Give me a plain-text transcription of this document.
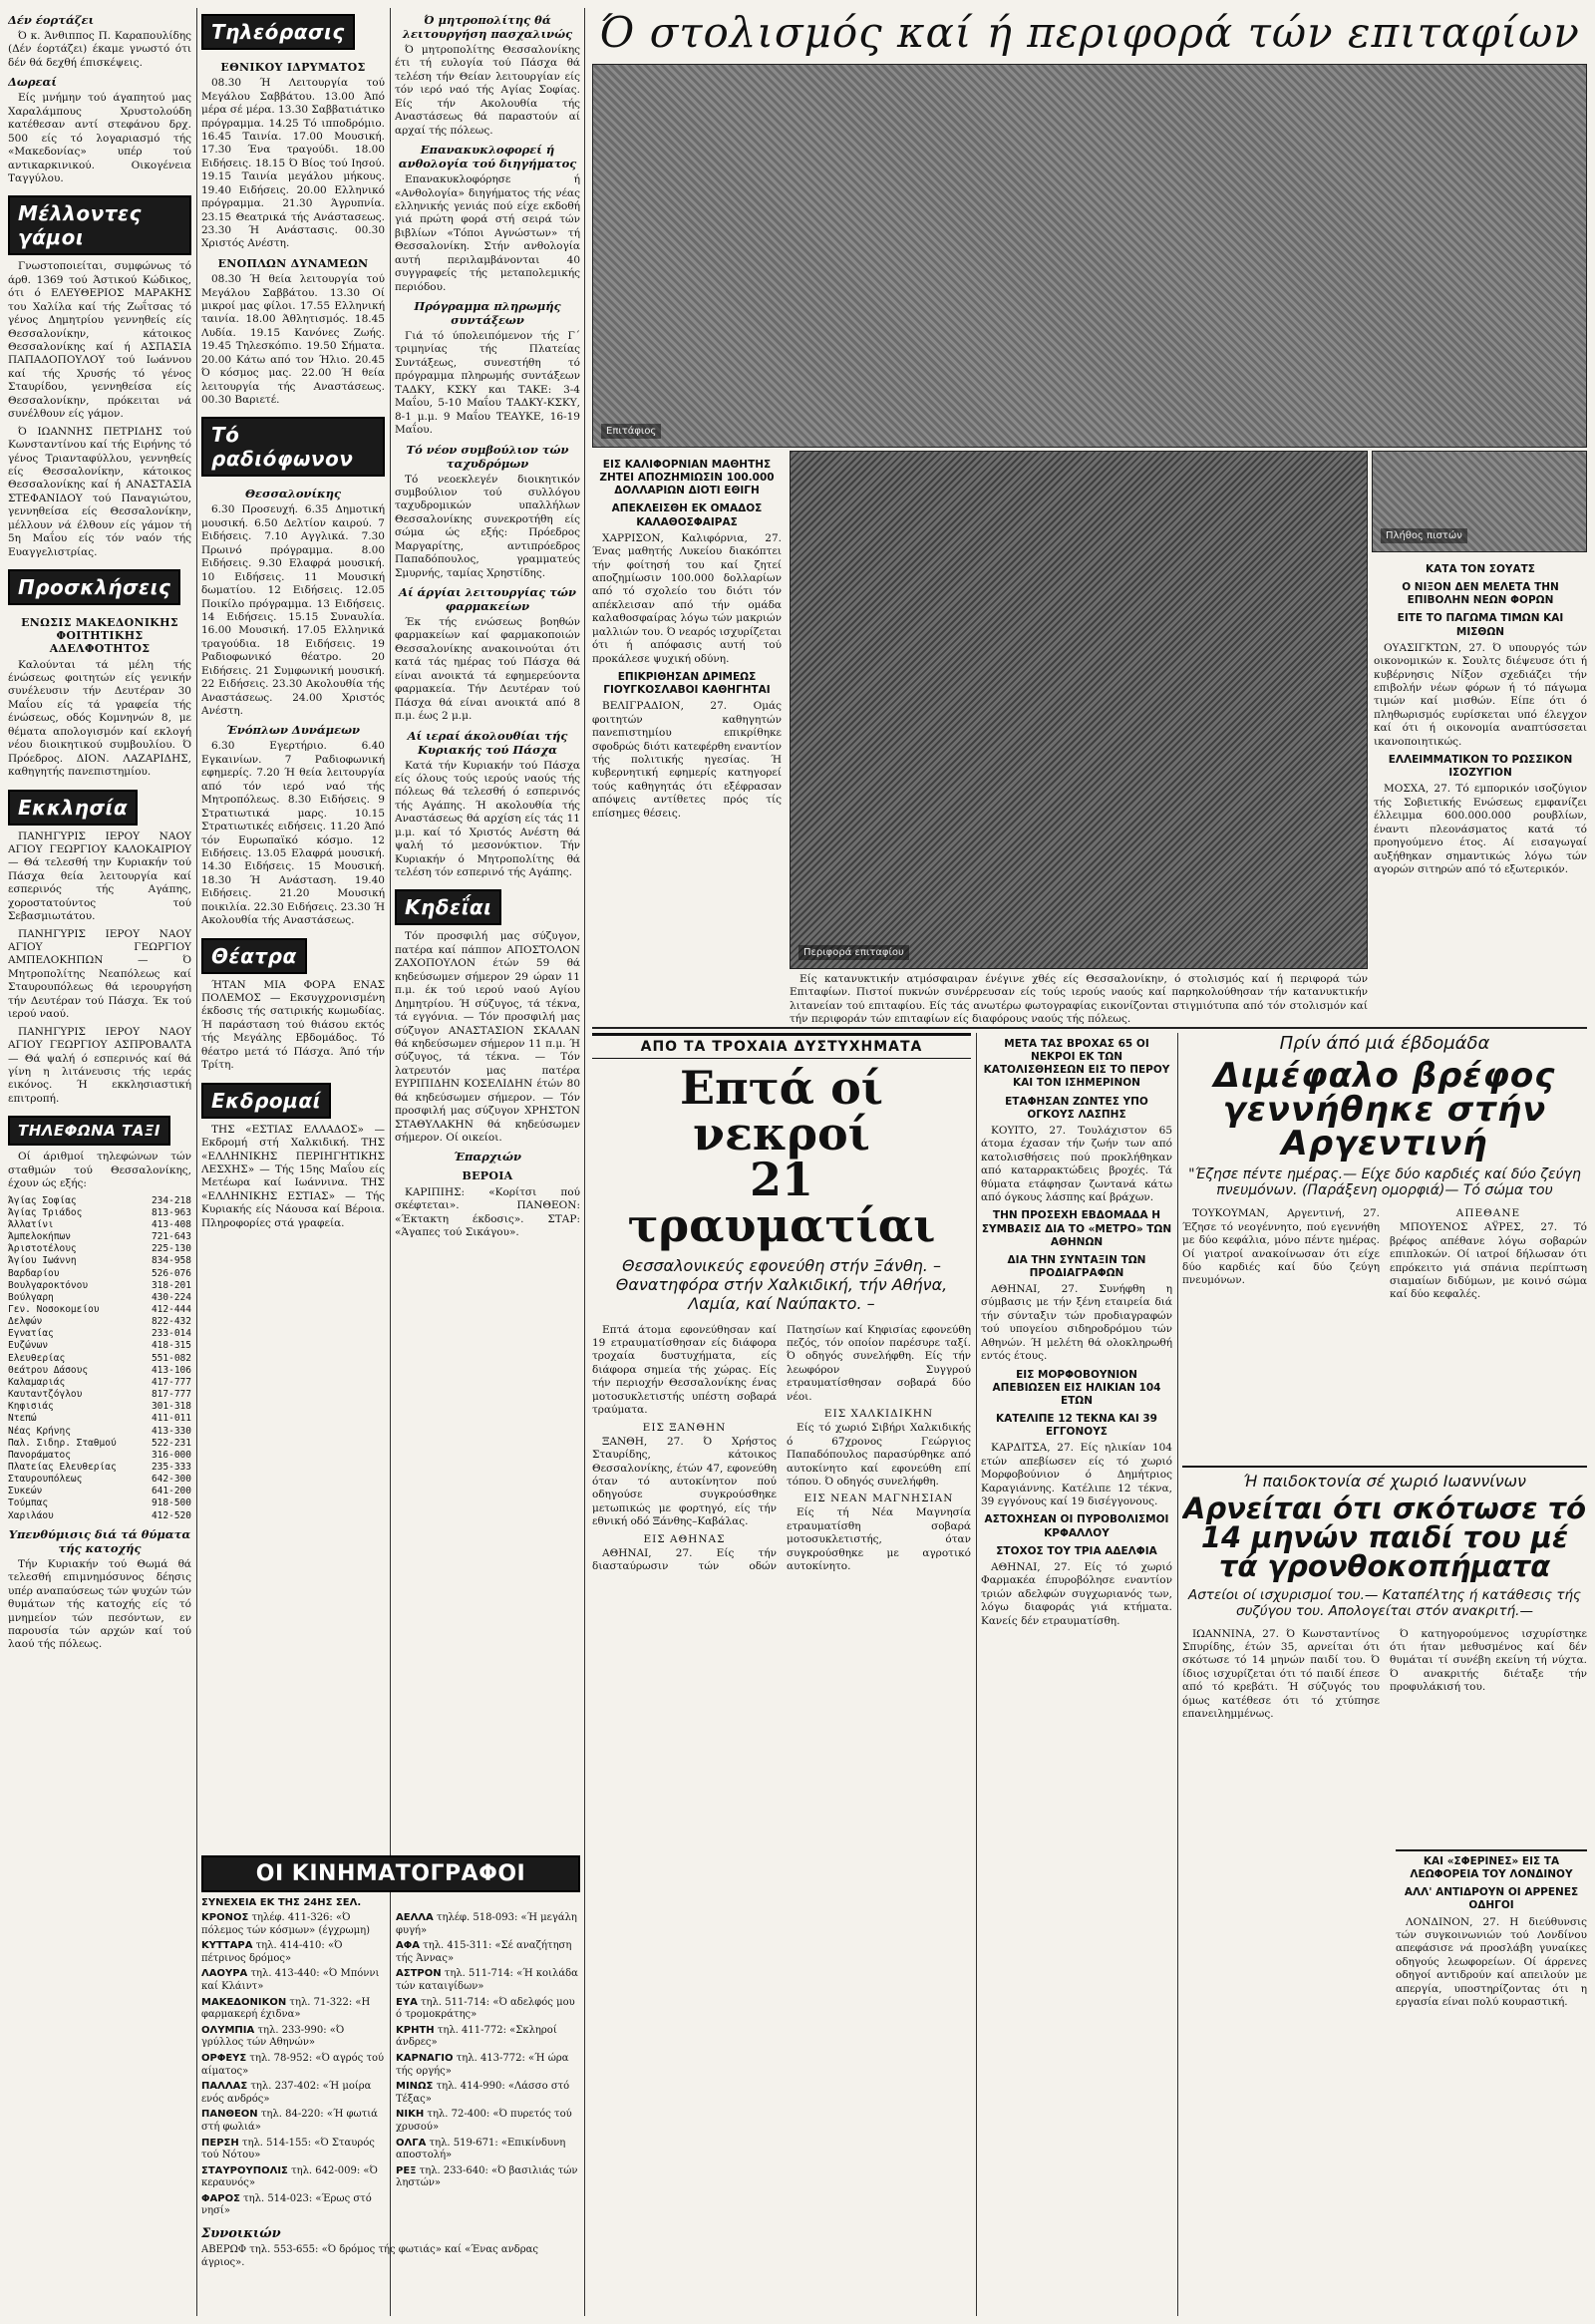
Δέν έορτάζει

Ό κ. Άνθιππος Π. Καραπουλίδης (Δέν έορτάζει) έκαμε γνωστό ότι δέν θά δεχθή έπισκέψεις.

Δωρεαί

Είς μνήμην τού άγαπητού μας Χαραλάμπους Χρυστολούδη κατέθεσαν αντί στεφάνου δρχ. 500 είς τό λογαριασμό τής «Μακεδονίας» υπέρ τού αντικαρκινικού. Οικογένεια Ταγγύλου.

Μέλλοντες γάμοι

Γνωστοποιείται, συμφώνως τό άρθ. 1369 τού Άστικού Κώδικος, ότι ό ΕΛΕΥΘΕΡΙΟΣ ΜΑΡΑΚΗΣ του Χαλίλα καί τής Ζωΐτσας τό γένος Δημητρίου γεννηθείς είς Θεσσαλονίκην, κάτοικος Θεσσαλονίκης καί ή ΑΣΠΑΣΙΑ ΠΑΠΑΔΟΠΟΥΛΟΥ τού Ιωάννου καί τής Χρυσής τό γένος Σταυρίδου, γεννηθείσα είς Θεσσαλονίκην, πρόκειται νά συνέλθουν είς γάμον.

Ό ΙΩΑΝΝΗΣ ΠΕΤΡΙΔΗΣ τού Κωνσταντίνου καί τής Ειρήνης τό γένος Τριανταφύλλου, γεννηθείς είς Θεσσαλονίκην, κάτοικος Θεσσαλονίκης καί ή ΑΝΑΣΤΑΣΙΑ ΣΤΕΦΑΝΙΔΟΥ τού Παναγιώτου, γεννηθείσα είς Θεσσαλονίκην, μέλλουν νά έλθουν είς γάμον τή 5η Μαΐου είς τόν ναόν τής Ευαγγελιστρίας.

Προσκλήσεις
ΕΝΩΣΙΣ ΜΑΚΕΔΟΝΙΚΗΣ ΦΟΙΤΗΤΙΚΗΣ ΑΔΕΛΦΟΤΗΤΟΣ

Καλούνται τά μέλη τής ένώσεως φοιτητών είς γενικήν συνέλευσιν τήν Δευτέραν 30 Μαΐου είς τά γραφεία τής ένώσεως, οδός Κομνηνών 8, με θέματα απολογισμόν καί εκλογή νέου διοικητικού συμβουλίου. Ό Πρόεδρος. ΔΙΟΝ. ΛΑΖΑΡΙΔΗΣ, καθηγητής πανεπιστημίου.

Εκκλησία

ΠΑΝΗΓΥΡΙΣ ΙΕΡΟΥ ΝΑΟΥ ΑΓΙΟΥ ΓΕΩΡΓΙΟΥ ΚΑΛΟΚΑΙΡΙΟΥ — Θά τελεσθή την Κυριακήν τού Πάσχα θεία λειτουργία καί εσπερινός τής Αγάπης, χοροστατούντος τού Σεβασμιωτάτου.

ΠΑΝΗΓΥΡΙΣ ΙΕΡΟΥ ΝΑΟΥ ΑΓΙΟΥ ΓΕΩΡΓΙΟΥ ΑΜΠΕΛΟΚΗΠΩΝ — Ό Μητροπολίτης Νεαπόλεως καί Σταυρουπόλεως θά ιερουργήση τήν Δευτέραν τού Πάσχα. Έκ τού ιερού ναού.

ΠΑΝΗΓΥΡΙΣ ΙΕΡΟΥ ΝΑΟΥ ΑΓΙΟΥ ΓΕΩΡΓΙΟΥ ΑΣΠΡΟΒΑΛΤΑ — Θά ψαλή ό εσπερινός καί θά γίνη η λιτάνευσις τής ιεράς εικόνος. Ή εκκλησιαστική επιτροπή.

ΤΗΛΕΦΩΝΑ ΤΑΞΙ

Οί άριθμοί τηλεφώνων τών σταθμών τού Θεσσαλονίκης, έχουν ώς εξής:

Άγίας Σοφίας	234-218
Άγίας Τριάδος	813-963
Άλλατίνι	413-408
Άμπελοκήπων	721-643
Άριστοτέλους	225-130
Άγίου Ιωάννη	834-958
Βαρδαρίου	526-076
Βουλγαροκτόνου	318-201
Βούλγαρη	430-224
Γεν. Νοσοκομείου	412-444
Δελφών	822-432
Εγνατίας	233-014
Ευζώνων	418-315
Ελευθερίας	551-082
Θεάτρου Δάσους	413-106
Καλαμαριάς	417-777
Καυταντζόγλου	817-777
Κηφισιάς	301-318
Ντεπώ	411-011
Νέας Κρήνης	413-330
Παλ. Σιδηρ. Σταθμού	522-231
Πανοράματος	316-000
Πλατείας Ελευθερίας	235-333
Σταυρουπόλεως	642-300
Συκεών	641-200
Τούμπας	918-500
Χαριλάου	412-520
Υπενθύμισις διά τά θύματα τής κατοχής

Τήν Κυριακήν τού Θωμά θά τελεσθή επιμνημόσυνος δέησις υπέρ αναπαύσεως τών ψυχών τών θυμάτων τής κατοχής είς τό μνημείον τών πεσόντων, εν παρουσία τών αρχών καί τού λαού τής πόλεως.

Τηλεόρασις
ΕΘΝΙΚΟΥ ΙΔΡΥΜΑΤΟΣ

08.30 Ή Λειτουργία τού Μεγάλου Σαββάτου. 13.00 Άπό μέρα σέ μέρα. 13.30 Σαββατιάτικο πρόγραμμα. 14.25 Τό ιπποδρόμιο. 16.45 Ταινία. 17.00 Μουσική. 17.30 Ένα τραγούδι. 18.00 Ειδήσεις. 18.15 Ό Βίος τού Ιησού. 19.15 Ταινία μεγάλου μήκους. 19.40 Ειδήσεις. 20.00 Ελληνικό πρόγραμμα. 21.30 Άγρυπνία. 23.15 Θεατρικά τής Ανάστασεως. 23.30 Ή Ανάστασις. 00.30 Χριστός Ανέστη.

ΕΝΟΠΛΩΝ ΔΥΝΑΜΕΩΝ

08.30 Ή θεία λειτουργία τού Μεγάλου Σαββάτου. 13.30 Οί μικροί μας φίλοι. 17.55 Ελληνική ταινία. 18.00 Άθλητισμός. 18.45 Λυδία. 19.15 Κανόνες Ζωής. 19.45 Τηλεσκόπιο. 19.50 Σήματα. 20.00 Κάτω από τον Ήλιο. 20.45 Ό κόσμος μας. 22.00 Ή θεία λειτουργία τής Αναστάσεως. 00.30 Βαριετέ.

Τό ραδιόφωνον
Θεσσαλονίκης

6.30 Προσευχή. 6.35 Δημοτική μουσική. 6.50 Δελτίον καιρού. 7 Ειδήσεις. 7.10 Αγγλικά. 7.30 Πρωινό πρόγραμμα. 8.00 Ειδήσεις. 9.30 Ελαφρά μουσική. 10 Ειδήσεις. 11 Μουσική δωματίου. 12 Ειδήσεις. 12.05 Ποικίλο πρόγραμμα. 13 Ειδήσεις. 14 Ειδήσεις. 15.15 Συναυλία. 16.00 Μουσική. 17.05 Ελληνικά τραγούδια. 18 Ειδήσεις. 19 Ραδιοφωνικό θέατρο. 20 Ειδήσεις. 21 Συμφωνική μουσική. 22 Ειδήσεις. 23.30 Ακολουθία τής Αναστάσεως. 24.00 Χριστός Ανέστη.

Ένόπλων Δυνάμεων

6.30 Εγερτήριο. 6.40 Εγκαινίων. 7 Ραδιοφωνική εφημερίς. 7.20 Ή θεία λειτουργία από τόν ιερό ναό τής Μητροπόλεως. 8.30 Ειδήσεις. 9 Στρατιωτικά μαρς. 10.15 Στρατιωτικές ειδήσεις. 11.20 Άπό τόν Ευρωπαϊκό κόσμο. 12 Ειδήσεις. 13.05 Ελαφρά μουσική. 14.30 Ειδήσεις. 15 Μουσική. 18.30 Ή Ανάσταση. 19.40 Ειδήσεις. 21.20 Μουσική ποικιλία. 22.30 Ειδήσεις. 23.30 Ή Ακολουθία τής Αναστάσεως.

Θέατρα

ΉΤΑΝ ΜΙΑ ΦΟΡΑ ΕΝΑΣ ΠΟΛΕΜΟΣ — Εκσυγχρονισμένη έκδοσις τής σατιρικής κωμωδίας. Ή παράσταση τού θιάσου εκτός τής Μεγάλης Εβδομάδος. Τό θέατρο μετά τό Πάσχα. Άπό τήν Τρίτη.

Εκδρομαί

ΤΗΣ «ΕΣΤΙΑΣ ΕΛΛΑΔΟΣ» — Εκδρομή στή Χαλκιδική. ΤΗΣ «ΕΛΛΗΝΙΚΗΣ ΠΕΡΙΗΓΗΤΙΚΗΣ ΛΕΣΧΗΣ» — Τής 15ης Μαΐου είς Μετέωρα καί Ιωάννινα. ΤΗΣ «ΕΛΛΗΝΙΚΗΣ ΕΣΤΙΑΣ» — Τής Κυριακής είς Νάουσα καί Βέροια. Πληροφορίες στά γραφεία.

ΟΙ ΚΙΝΗΜΑΤΟΓΡΑΦΟΙ
ΣΥΝΕΧΕΙΑ ΕΚ ΤΗΣ 24ΗΣ ΣΕΛ.

ΚΡΟΝΟΣ τηλέφ. 411-326: «Ό πόλεμος τών κόσμων» (έγχρωμη)

ΚΥΤΤΑΡΑ τηλ. 414-410: «Ό πέτρινος δρόμος»

ΛΑΟΥΡΑ τηλ. 413-440: «Ό Μπόννι καί Κλάιντ»

ΜΑΚΕΔΟΝΙΚΟΝ τηλ. 71-322: «Η φαρμακερή έχιδνα»

ΟΛΥΜΠΙΑ τηλ. 233-990: «Ό γρύλλος τών Αθηνών»

ΟΡΦΕΥΣ τηλ. 78-952: «Ό αγρός τού αίματος»

ΠΑΛΛΑΣ τηλ. 237-402: «Ή μοίρα ενός ανδρός»

ΠΑΝΘΕΟΝ τηλ. 84-220: «Ή φωτιά στή φωλιά»

ΠΕΡΣΗ τηλ. 514-155: «Ό Σταυρός τού Νότου»

ΣΤΑΥΡΟΥΠΟΛΙΣ τηλ. 642-009: «Ό κεραυνός»

ΦΑΡΟΣ τηλ. 514-023: «Έρως στό νησί»

ΑΕΛΛΑ τηλέφ. 518-093: «Ή μεγάλη φυγή»

ΑΦΑ τηλ. 415-311: «Σέ αναζήτηση τής Άννας»

ΑΣΤΡΟΝ τηλ. 511-714: «Ή κοιλάδα τών καταιγίδων»

ΕΥΑ τηλ. 511-714: «Ό αδελφός μου ό τρομοκράτης»

ΚΡΗΤΗ τηλ. 411-772: «Σκληροί άνδρες»

ΚΑΡΝΑΓΙΟ τηλ. 413-772: «Ή ώρα τής οργής»

ΜΙΝΩΣ τηλ. 414-990: «Λάσσο στό Τέξας»

ΝΙΚΗ τηλ. 72-400: «Ό πυρετός τού χρυσού»

ΟΛΓΑ τηλ. 519-671: «Επικίνδυνη αποστολή»

ΡΕΞ τηλ. 233-640: «Ό βασιλιάς τών ληστών»

Συνοικιών

ΑΒΕΡΩΦ τηλ. 553-655: «Ό δρόμος τής φωτιάς» καί «Ένας ανδρας άγριος».

Ό μητροπολίτης θά λειτουργήση πασχαλινώς

Ό μητροπολίτης Θεσσαλονίκης έτι τή ευλογία τού Πάσχα θά τελέση τήν Θείαν λειτουργίαν είς τόν ιερό ναό τής Αγίας Σοφίας. Είς τήν Ακολουθία τής Αναστάσεως θά παραστούν αί αρχαί τής πόλεως.

Επανακυκλοφορεί ή ανθολογία τού διηγήματος

Επανακυκλοφόρησε ή «Ανθολογία» διηγήματος τής νέας ελληνικής γενιάς πού είχε εκδοθή γιά πρώτη φορά στή σειρά τών βιβλίων «Τόποι Αγνώστων» τή Θεσσαλονίκη. Στήν ανθολογία αυτή περιλαμβάνονται 40 συγγραφείς τής μεταπολεμικής περιόδου.

Πρόγραμμα πληρωμής συντάξεων

Γιά τό ύπολειπόμενον τής Γ΄ τριμηνίας τής Πλατείας Συντάξεως, συνεστήθη τό πρόγραμμα πληρωμής συντάξεων ΤΑΔΚΥ, ΚΣΚΥ και ΤΑΚΕ: 3-4 Μαΐου, 5-10 Μαΐου ΤΑΔΚΥ-ΚΣΚΥ, 8-1 μ.μ. 9 Μαΐου ΤΕΑΥΚΕ, 16-19 Μαΐου.

Τό νέον συμβούλιον τών ταχυδρόμων

Τό νεοεκλεγέν διοικητικόν συμβούλιον τού συλλόγου ταχυδρομικών υπαλλήλων Θεσσαλονίκης συνεκροτήθη είς σώμα ώς εξής: Πρόεδρος Μαργαρίτης, αντιπρόεδρος Παπαδόπουλος, γραμματεύς Σμυρνής, ταμίας Χρηστίδης.

Αί άργίαι λειτουργίας τών φαρμακείων

Έκ τής ενώσεως βοηθών φαρμακείων καί φαρμακοποιών Θεσσαλονίκης ανακοινούται ότι κατά τάς ημέρας τού Πάσχα θά είναι ανοικτά τά εφημερεύοντα φαρμακεία. Τήν Δευτέραν τού Πάσχα θά είναι ανοικτά από 8 π.μ. έως 2 μ.μ.

Αί ιεραί άκολουθίαι τής Κυριακής τού Πάσχα

Κατά τήν Κυριακήν τού Πάσχα είς όλους τούς ιερούς ναούς τής πόλεως θά τελεσθή ό εσπερινός τής Αγάπης. Ή ακολουθία τής Αναστάσεως θά αρχίση είς τάς 11 μ.μ. καί τό Χριστός Ανέστη θά ψαλή τό μεσονύκτιον. Τήν Κυριακήν ό Μητροπολίτης θά τελέση τόν εσπερινό τής Αγάπης.

Κηδεΐαι

Τόν προσφιλή μας σύζυγον, πατέρα καί πάππον ΑΠΟΣΤΟΛΟΝ ΖΑΧΟΠΟΥΛΟΝ έτών 59 θά κηδεύσωμεν σήμερον 29 ώραν 11 π.μ. έκ τού ιερού ναού Αγίου Δημητρίου. Ή σύζυγος, τά τέκνα, τά εγγόνια. — Τόν προσφιλή μας σύζυγον ΑΝΑΣΤΑΣΙΟΝ ΣΚΑΛΑΝ θά κηδεύσωμεν σήμερον 11 π.μ. Ή σύζυγος, τά τέκνα. — Τόν λατρευτόν μας πατέρα ΕΥΡΙΠΙΔΗΝ ΚΟΣΕΛΙΔΗΝ έτών 80 θά κηδεύσωμεν σήμερον. — Τόν προσφιλή μας σύζυγον ΧΡΗΣΤΟΝ ΣΤΑΘΥΛΑΚΗΝ θά κηδεύσωμεν σήμερον. Οί οικείοι.

Έπαρχιών
ΒΕΡΟΙΑ

ΚΑΡΙΠΙΗΣ: «Κορίτσι πού σκέφτεται». ΠΑΝΘΕΟΝ: «Έκτακτη έκδοσις». ΣΤΑΡ: «Άγαπες τού Σικάγου».

Ό στολισμός καί ή περιφορά τών επιταφίων
Επιτάφιος
Περιφορά επιταφίου
Πλήθος πιστών

Είς κατανυκτικήν ατμόσφαιραν ένέγινε χθές είς Θεσσαλονίκην, ό στολισμός καί ή περιφορά τών Επιταφίων. Πιστοί πυκνών συνέρρευσαν είς τούς ιερούς ναούς καί παρηκολούθησαν τήν κατανυκτικήν λιτανείαν τού επιταφίου. Είς τάς ανωτέρω φωτογραφίας εικονίζονται στιγμιότυπα από τόν στολισμόν καί τήν περιφοράν τών επιταφίων είς διαφόρους ναούς τής πόλεως.

ΕΙΣ ΚΑΛΙΦΟΡΝΙΑΝ ΜΑΘΗΤΗΣ ΖΗΤΕΙ ΑΠΟΖΗΜΙΩΣΙΝ 100.000 ΔΟΛΛΑΡΙΩΝ ΔΙΟΤΙ ΕΘΙΓΗ
ΑΠΕΚΛΕΙΣΘΗ ΕΚ ΟΜΑΔΟΣ ΚΑΛΑΘΟΣΦΑΙΡΑΣ

ΧΑΡΡΙΣΟΝ, Καλιφόρνια, 27. Ένας μαθητής Λυκείου διακόπτει τήν φοίτησή του καί ζητεί αποζημίωσιν 100.000 δολλαρίων από τό σχολείο του διότι τόν απέκλεισαν από τήν ομάδα καλαθοσφαίρας λόγω τών μακριών μαλλιών του. Ό νεαρός ισχυρίζεται ότι ή απόφασις αυτή τού προκάλεσε ψυχική οδύνη.

ΕΠΙΚΡΙΘΗΣΑΝ ΔΡΙΜΕΩΣ ΓΙΟΥΓΚΟΣΛΑΒΟΙ ΚΑΘΗΓΗΤΑΙ

ΒΕΛΙΓΡΑΔΙΟΝ, 27. Ομάς φοιτητών καθηγητών πανεπιστημίου επικρίθηκε σφοδρώς διότι κατεφέρθη εναντίον τής πολιτικής ηγεσίας. Ή κυβερνητική εφημερίς κατηγορεί τούς καθηγητάς ότι εξέφρασαν απόψεις αντίθετες πρός τίς επίσημες θέσεις.

ΚΑΤΑ ΤΟΝ ΣΟΥΑΤΣ
Ο ΝΙΞΟΝ ΔΕΝ ΜΕΛΕΤΑ ΤΗΝ ΕΠΙΒΟΛΗΝ ΝΕΩΝ ΦΟΡΩΝ
ΕΙΤΕ ΤΟ ΠΑΓΩΜΑ ΤΙΜΩΝ ΚΑΙ ΜΙΣΘΩΝ

ΟΥΑΣΙΓΚΤΩΝ, 27. Ό υπουργός τών οικονομικών κ. Σουλτς διέψευσε ότι ή κυβέρνησις Νίξον σχεδιάζει τήν επιβολήν νέων φόρων ή τό πάγωμα τιμών καί μισθών. Είπε ότι ό πληθωρισμός ευρίσκεται υπό έλεγχον καί ότι ή οικονομία αναπτύσσεται ικανοποιητικώς.

ΕΛΛΕΙΜΜΑΤΙΚΟΝ ΤΟ ΡΩΣΣΙΚΟΝ ΙΣΟΖΥΓΙΟΝ

ΜΟΣΧΑ, 27. Τό εμπορικόν ισοζύγιον τής Σοβιετικής Ενώσεως εμφανίζει έλλειμμα 600.000.000 ρουβλίων, έναντι πλεονάσματος κατά τό προηγούμενο έτος. Αί εισαγωγαί αυξήθηκαν σημαντικώς λόγω τών αγορών σιτηρών από τό εξωτερικόν.

ΑΠΟ ΤΑ ΤΡΟΧΑΙΑ ΔΥΣΤΥΧΗΜΑΤΑ
Επτά οί νεκροί
21 τραυματίαι
Θεσσαλονικεύς εφονεύθη στήν Ξάνθη. – Θανατηφόρα στήν Χαλκιδική, τήν Αθήνα, Λαμία, καί Ναύπακτο. –

Επτά άτομα εφονεύθησαν καί 19 ετραυματίσθησαν είς διάφορα τροχαία δυστυχήματα, είς διάφορα σημεία τής χώρας. Είς τήν περιοχήν Θεσσαλονίκης ένας μοτοσυκλετιστής υπέστη σοβαρά τραύματα.

ΕΙΣ ΞΑΝΘΗΝ

ΞΑΝΘΗ, 27. Ό Χρήστος Σταυρίδης, κάτοικος Θεσσαλονίκης, έτών 47, εφονεύθη όταν τό αυτοκίνητον πού οδηγούσε συγκρούσθηκε μετωπικώς με φορτηγό, είς τήν εθνική οδό Ξάνθης–Καβάλας.

ΕΙΣ ΑΘΗΝΑΣ

ΑΘΗΝΑΙ, 27. Είς τήν διασταύρωσιν τών οδών Πατησίων καί Κηφισίας εφονεύθη πεζός, τόν οποίον παρέσυρε ταξί. Ό οδηγός συνελήφθη. Είς τήν λεωφόρον Συγγρού ετραυματίσθησαν σοβαρά δύο νέοι.

ΕΙΣ ΧΑΛΚΙΔΙΚΗΝ

Είς τό χωριό Σιβήρι Χαλκιδικής ό 67χρονος Γεώργιος Παπαδόπουλος παρασύρθηκε από αυτοκίνητο καί εφονεύθη επί τόπου. Ό οδηγός συνελήφθη.

ΕΙΣ ΝΕΑΝ ΜΑΓΝΗΣΙΑΝ

Είς τή Νέα Μαγνησία ετραυματίσθη σοβαρά μοτοσυκλετιστής, όταν συγκρούσθηκε με αγροτικό αυτοκίνητο.

ΜΕΤΑ ΤΑΣ ΒΡΟΧΑΣ 65 ΟΙ ΝΕΚΡΟΙ ΕΚ ΤΩΝ ΚΑΤΟΛΙΣΘΗΣΕΩΝ ΕΙΣ ΤΟ ΠΕΡΟΥ ΚΑΙ ΤΟΝ ΙΣΗΜΕΡΙΝΟΝ
ΕΤΑΦΗΣΑΝ ΖΩΝΤΕΣ ΥΠΟ ΟΓΚΟΥΣ ΛΑΣΠΗΣ

ΚΟΥΙΤΟ, 27. Τουλάχιστον 65 άτομα έχασαν τήν ζωήν των από κατολισθήσεις πού προκλήθηκαν από καταρρακτώδεις βροχές. Τά θύματα ετάφησαν ζωντανά κάτω από όγκους λάσπης καί βράχων.

ΤΗΝ ΠΡΟΣΕΧΗ ΕΒΔΟΜΑΔΑ Η ΣΥΜΒΑΣΙΣ ΔΙΑ ΤΟ «ΜΕΤΡΟ» ΤΩΝ ΑΘΗΝΩΝ
ΔΙΑ ΤΗΝ ΣΥΝΤΑΞΙΝ ΤΩΝ ΠΡΟΔΙΑΓΡΑΦΩΝ

ΑΘΗΝΑΙ, 27. Συνήφθη η σύμβασις με τήν ξένη εταιρεία διά τήν σύνταξιν τών προδιαγραφών τού υπογείου σιδηροδρόμου τών Αθηνών. Ή μελέτη θά ολοκληρωθή εντός έτους.

ΕΙΣ ΜΟΡΦΟΒΟΥΝΙΟΝ ΑΠΕΒΙΩΣΕΝ ΕΙΣ ΗΛΙΚΙΑΝ 104 ΕΤΩΝ
ΚΑΤΕΛΙΠΕ 12 ΤΕΚΝΑ ΚΑΙ 39 ΕΓΓΟΝΟΥΣ

ΚΑΡΔΙΤΣΑ, 27. Είς ηλικίαν 104 ετών απεβίωσεν είς τό χωριό Μορφοβούνιον ό Δημήτριος Καραγιάννης. Κατέλιπε 12 τέκνα, 39 εγγόνους καί 19 δισέγγονους.

ΑΣΤΟΧΗΣΑΝ ΟΙ ΠΥΡΟΒΟΛΙΣΜΟΙ ΚΡΦΑΛΛΟΥ
ΣΤΟΧΟΣ ΤΟΥ ΤΡΙΑ ΑΔΕΛΦΙΑ

ΑΘΗΝΑΙ, 27. Είς τό χωριό Φαρμακέα έπυροβόλησε εναντίον τριών αδελφών συγχωριανός των, λόγω διαφοράς γιά κτήματα. Κανείς δέν ετραυματίσθη.

Πρίν άπό μιά έβδομάδα
Διμέφαλο βρέφος γεννήθηκε στήν Αργεντινή
"Έζησε πέντε ημέρας.— Είχε δύο καρδιές καί δύο ζεύγη πνευμόνων. (Παράξενη ομορφιά)— Τό σώμα του

ΤΟΥΚΟΥΜΑΝ, Αργεντινή, 27. Έζησε τό νεογέννητο, πού εγεννήθη με δύο κεφάλια, μόνο πέντε ημέρας. Οί γιατροί ανακοίνωσαν ότι είχε δύο καρδιές καί δύο ζεύγη πνευμόνων.

ΑΠΕΘΑΝΕ

ΜΠΟΥΕΝΟΣ ΑΫΡΕΣ, 27. Τό βρέφος απέθανε λόγω σοβαρών επιπλοκών. Οί ιατροί δήλωσαν ότι επρόκειτο γιά σπάνια περίπτωση σιαμαίων διδύμων, με κοινό σώμα καί δύο κεφαλές.

Ή παιδοκτονία σέ χωριό Ιωαννίνων
Αρνείται ότι σκότωσε τό 14 μηνών παιδί του μέ τά γρονθοκοπήματα
Αστείοι οί ισχυρισμοί του.— Καταπέλτης ή κατάθεσις τής συζύγου του. Απολογείται στόν ανακριτή.—

ΙΩΑΝΝΙΝΑ, 27. Ό Κωνσταντίνος Σπυρίδης, έτών 35, αρνείται ότι σκότωσε τό 14 μηνών παιδί του. Ό ίδιος ισχυρίζεται ότι τό παιδί έπεσε από τό κρεβάτι. Ή σύζυγός του όμως κατέθεσε ότι τό χτύπησε επανειλημμένως.

Ό κατηγορούμενος ισχυρίστηκε ότι ήταν μεθυσμένος καί δέν θυμάται τί συνέβη εκείνη τή νύχτα. Ό ανακριτής διέταξε τήν προφυλάκισή του.

ΚΑΙ «ΣΦΕΡΙΝΕΣ» ΕΙΣ ΤΑ ΛΕΩΦΟΡΕΙΑ ΤΟΥ ΛΟΝΔΙΝΟΥ
ΑΛΛ' ΑΝΤΙΔΡΟΥΝ ΟΙ ΑΡΡΕΝΕΣ ΟΔΗΓΟΙ

ΛΟΝΔΙΝΟΝ, 27. Η διεύθυνσις τών συγκοινωνιών τού Λονδίνου απεφάσισε νά προσλάβη γυναίκες οδηγούς λεωφορείων. Οί άρρενες οδηγοί αντιδρούν καί απειλούν με απεργία, υποστηρίζοντας ότι η εργασία είναι πολύ κουραστική.
